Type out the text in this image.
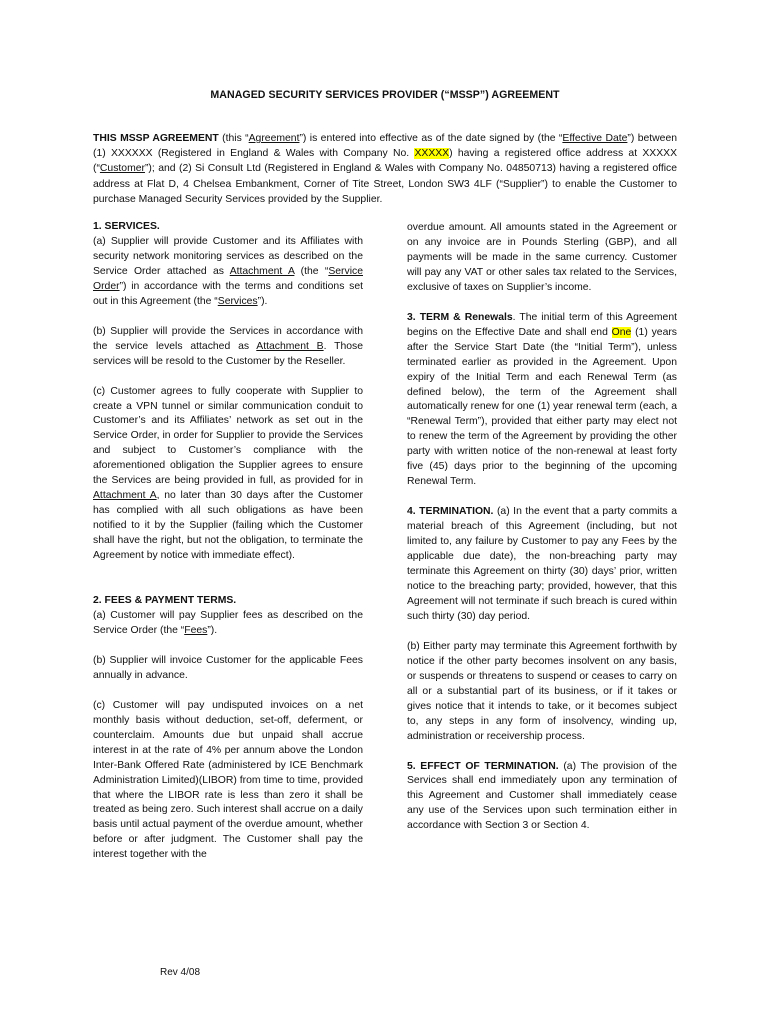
MANAGED SECURITY SERVICES PROVIDER (“MSSP”) AGREEMENT
THIS MSSP AGREEMENT (this “Agreement”) is entered into effective as of the date signed by (the “Effective Date”) between (1) XXXXXX (Registered in England & Wales with Company No. XXXXX) having a registered office address at XXXXX (“Customer”); and (2) Si Consult Ltd (Registered in England & Wales with Company No. 04850713) having a registered office address at Flat D, 4 Chelsea Embankment, Corner of Tite Street, London SW3 4LF (“Supplier”) to enable the Customer to purchase Managed Security Services provided by the Supplier.

1. SERVICES.

(a) Supplier will provide Customer and its Affiliates with security network monitoring services as described on the Service Order attached as Attachment A (the “Service Order”) in accordance with the terms and conditions set out in this Agreement (the “Services”).

(b) Supplier will provide the Services in accordance with the service levels attached as Attachment B. Those services will be resold to the Customer by the Reseller.

(c) Customer agrees to fully cooperate with Supplier to create a VPN tunnel or similar communication conduit to Customer’s and its Affiliates’ network as set out in the Service Order, in order for Supplier to provide the Services and subject to Customer’s compliance with the aforementioned obligation the Supplier agrees to ensure the Services are being provided in full, as provided for in Attachment A, no later than 30 days after the Customer has complied with all such obligations as have been notified to it by the Supplier (failing which the Customer shall have the right, but not the obligation, to terminate the Agreement by notice with immediate effect).

2. FEES & PAYMENT TERMS.

(a) Customer will pay Supplier fees as described on the Service Order (the “Fees”).

(b) Supplier will invoice Customer for the applicable Fees annually in advance.

(c) Customer will pay undisputed invoices on a net monthly basis without deduction, set-off, deferment, or counterclaim. Amounts due but unpaid shall accrue interest in at the rate of 4% per annum above the London Inter-Bank Offered Rate (administered by ICE Benchmark Administration Limited)(LIBOR) from time to time, provided that where the LIBOR rate is less than zero it shall be treated as being zero. Such interest shall accrue on a daily basis until actual payment of the overdue amount, whether before or after judgment. The Customer shall pay the interest together with the

overdue amount. All amounts stated in the Agreement or on any invoice are in Pounds Sterling (GBP), and all payments will be made in the same currency. Customer will pay any VAT or other sales tax related to the Services, exclusive of taxes on Supplier’s income.

3. TERM & Renewals. The initial term of this Agreement begins on the Effective Date and shall end One (1) years after the Service Start Date (the “Initial Term”), unless terminated earlier as provided in the Agreement. Upon expiry of the Initial Term and each Renewal Term (as defined below), the term of the Agreement shall automatically renew for one (1) year renewal term (each, a “Renewal Term”), provided that either party may elect not to renew the term of the Agreement by providing the other party with written notice of the non-renewal at least forty five (45) days prior to the beginning of the upcoming Renewal Term.

4. TERMINATION. (a) In the event that a party commits a material breach of this Agreement (including, but not limited to, any failure by Customer to pay any Fees by the applicable due date), the non-breaching party may terminate this Agreement on thirty (30) days’ prior, written notice to the breaching party; provided, however, that this Agreement will not terminate if such breach is cured within such thirty (30) day period.

(b) Either party may terminate this Agreement forthwith by notice if the other party becomes insolvent on any basis, or suspends or threatens to suspend or ceases to carry on all or a substantial part of its business, or if it takes or gives notice that it intends to take, or it becomes subject to, any steps in any form of insolvency, winding up, administration or receivership process.

5. EFFECT OF TERMINATION. (a) The provision of the Services shall end immediately upon any termination of this Agreement and Customer shall immediately cease any use of the Services upon such termination either in accordance with Section 3 or Section 4.

Rev 4/08
